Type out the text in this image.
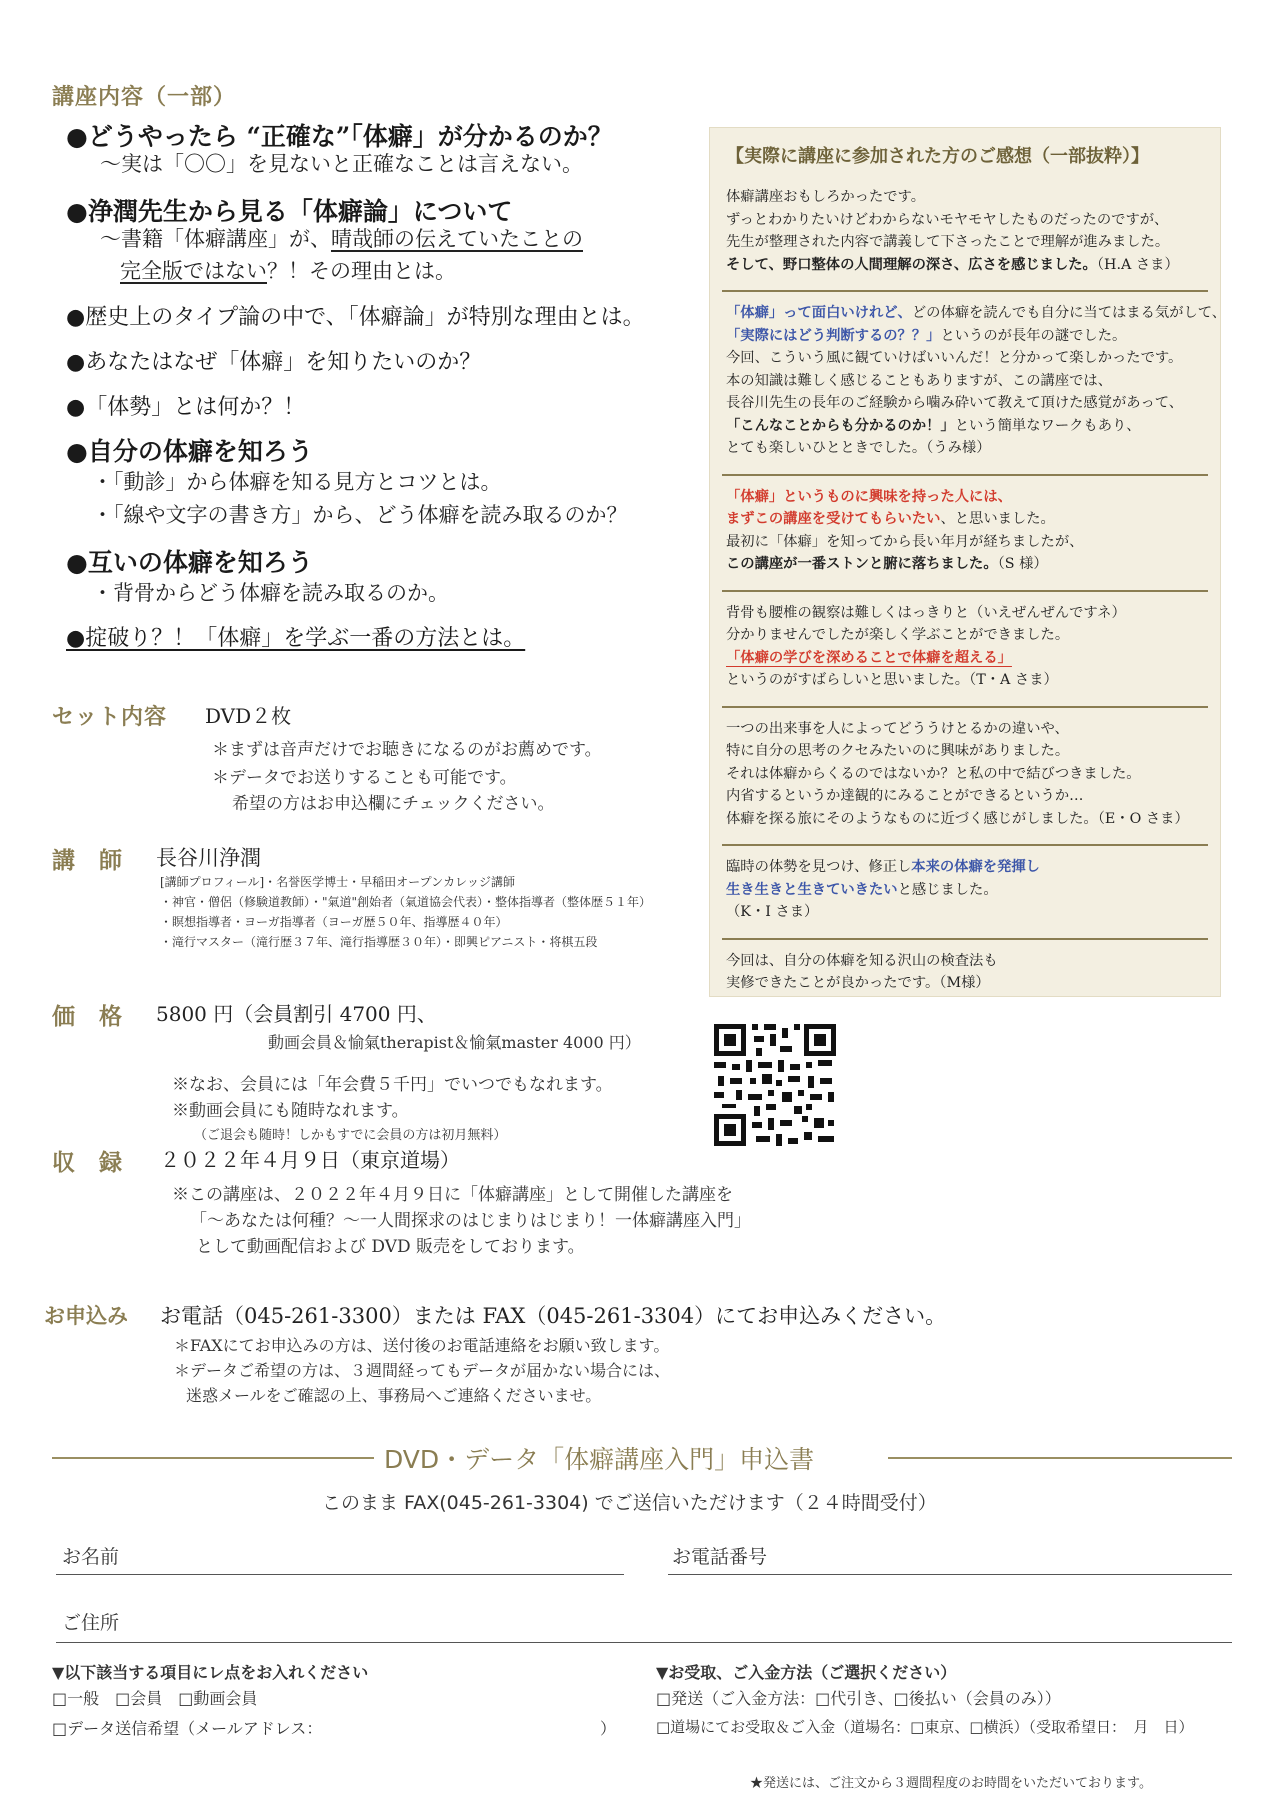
講座内容（一部）
●どうやったら “正確な”「体癖」が分かるのか？
〜実は「〇〇」を見ないと正確なことは言えない。
●浄潤先生から見る「体癖論」について
〜書籍「体癖講座」が、晴哉師の伝えていたことの
完全版ではない？！その理由とは。
●歴史上のタイプ論の中で、「体癖論」が特別な理由とは。
●あなたはなぜ「体癖」を知りたいのか？
●「体勢」とは何か？！
●自分の体癖を知ろう
・「動診」から体癖を知る見方とコツとは。
・「線や文字の書き方」から、どう体癖を読み取るのか？
●互いの体癖を知ろう
・背骨からどう体癖を読み取るのか。
●掟破り？！「体癖」を学ぶ一番の方法とは。
セット内容 DVD２枚
＊まずは音声だけでお聴きになるのがお薦めです。
＊データでお送りすることも可能です。
希望の方はお申込欄にチェックください。
講 師 長谷川浄潤
[講師プロフィール]・名誉医学博士・早稲田オープンカレッジ講師
・神官・僧侶（修験道教師）・"氣道"創始者（氣道協会代表）・整体指導者（整体歴５１年）
・瞑想指導者・ヨーガ指導者（ヨーガ歴５０年、指導歴４０年）
・滝行マスター（滝行歴３７年、滝行指導歴３０年）・即興ピアニスト・将棋五段
価 格 5800 円（会員割引 4700 円、
動画会員＆愉氣therapist＆愉氣master 4000 円）
※なお、会員には「年会費５千円」でいつでもなれます。
※動画会員にも随時なれます。
（ご退会も随時！しかもすでに会員の方は初月無料）
収 録 ２０２２年４月９日（東京道場）
※この講座は、２０２２年４月９日に「体癖講座」として開催した講座を
「〜あなたは何種？〜一人間探求のはじまりはじまり！一体癖講座入門」
として動画配信および DVD 販売をしております。
お申込み お電話（045-261-3300）または FAX（045-261-3304）にてお申込みください。
＊FAXにてお申込みの方は、送付後のお電話連絡をお願い致します。
＊データご希望の方は、３週間経ってもデータが届かない場合には、
迷惑メールをご確認の上、事務局へご連絡くださいませ。
【実際に講座に参加された方のご感想（一部抜粋）】
体癖講座おもしろかったです。
ずっとわかりたいけどわからないモヤモヤしたものだったのですが、
先生が整理された内容で講義して下さったことで理解が進みました。
そして、野口整体の人間理解の深さ、広さを感じました。（H.A さま）
「体癖」って面白いけれど、どの体癖を読んでも自分に当てはまる気がして、
「実際にはどう判断するの？？」というのが長年の謎でした。
今回、こういう風に観ていけばいいんだ！と分かって楽しかったです。
本の知識は難しく感じることもありますが、この講座では、
長谷川先生の長年のご経験から噛み砕いて教えて頂けた感覚があって、
「こんなことからも分かるのか！」という簡単なワークもあり、
とても楽しいひとときでした。（うみ様）
「体癖」というものに興味を持った人には、
まずこの講座を受けてもらいたい、と思いました。
最初に「体癖」を知ってから長い年月が経ちましたが、
この講座が一番ストンと腑に落ちました。（S 様）
背骨も腰椎の観察は難しくはっきりと（いえぜんぜんですネ）
分かりませんでしたが楽しく学ぶことができました。
「体癖の学びを深めることで体癖を超える」
というのがすばらしいと思いました。（T・A さま）
一つの出来事を人によってどううけとるかの違いや、
特に自分の思考のクセみたいのに興味がありました。
それは体癖からくるのではないか？と私の中で結びつきました。
内省するというか達観的にみることができるというか…
体癖を探る旅にそのようなものに近づく感じがしました。（E・O さま）
臨時の体勢を見つけ、修正し本来の体癖を発揮し
生き生きと生きていきたいと感じました。
（K・I さま）
今回は、自分の体癖を知る沢山の検査法も
実修できたことが良かったです。（M様）
DVD・データ「体癖講座入門」申込書
このまま FAX(045-261-3304) でご送信いただけます（２４時間受付）
お名前	お電話番号
ご住所
▼以下該当する項目にレ点をお入れください
□一般　□会員　□動画会員
□データ送信希望（メールアドレス：	）
▼お受取、ご入金方法（ご選択ください）
□発送（ご入金方法：□代引き、□後払い（会員のみ））
□道場にてお受取＆ご入金（道場名：□東京、□横浜）（受取希望日：　月　日）
★発送には、ご注文から３週間程度のお時間をいただいております。
